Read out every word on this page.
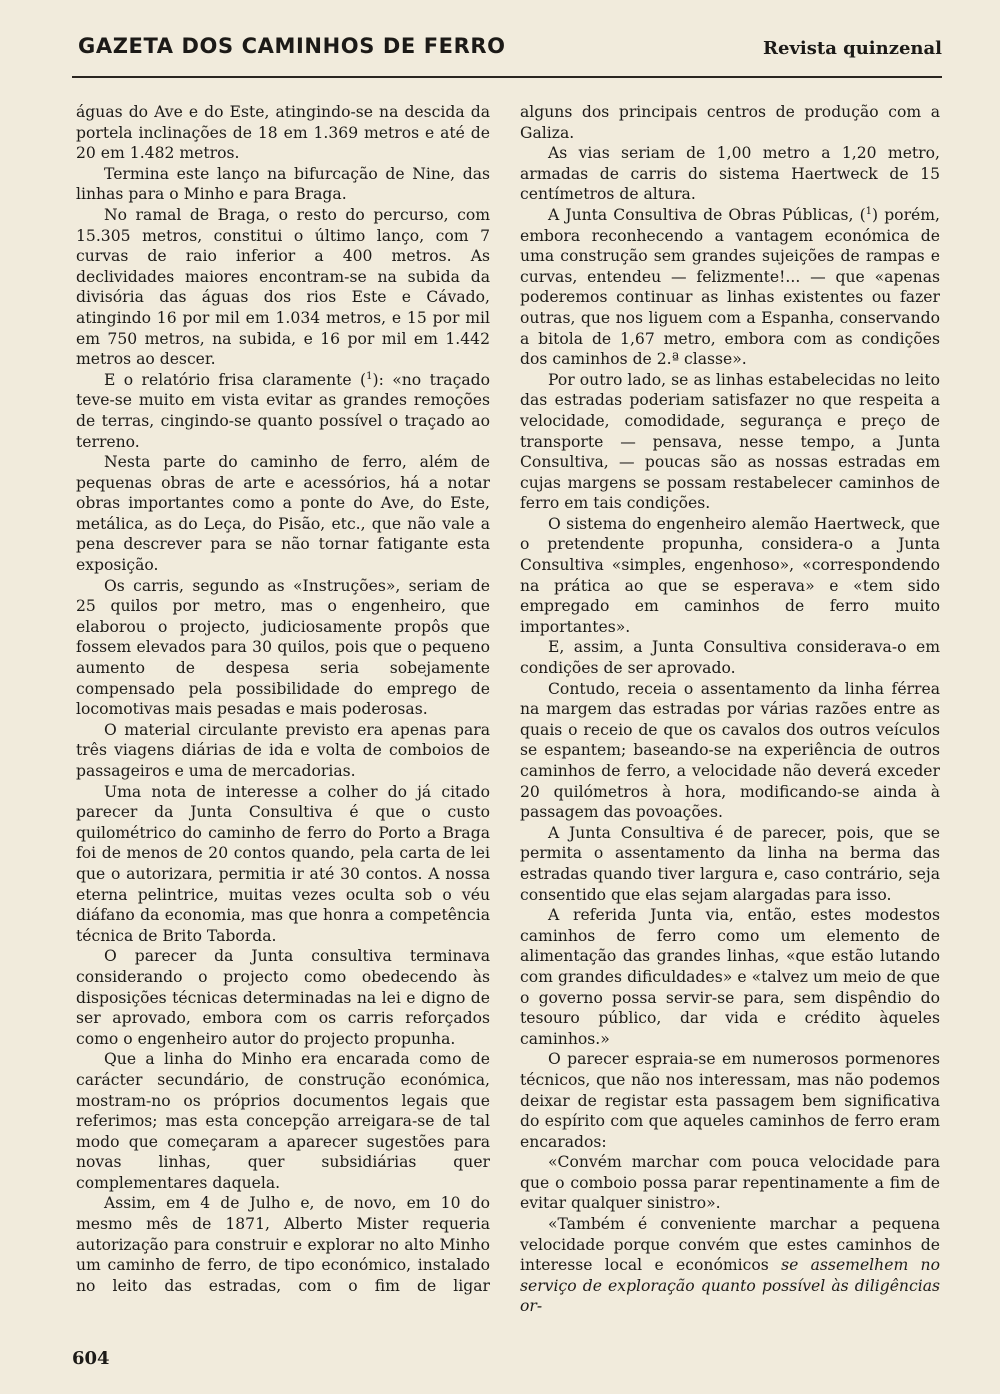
GAZETA DOS CAMINHOS DE FERRO	Revista quinzenal

águas do Ave e do Este, atingindo-se na descida da portela inclinações de 18 em 1.369 metros e até de 20 em 1.482 metros.

Termina este lanço na bifurcação de Nine, das linhas para o Minho e para Braga.

No ramal de Braga, o resto do percurso, com 15.305 metros, constitui o último lanço, com 7 curvas de raio inferior a 400 metros. As declividades maiores encontram-se na subida da divisória das águas dos rios Este e Cávado, atingindo 16 por mil em 1.034 metros, e 15 por mil em 750 metros, na subida, e 16 por mil em 1.442 metros ao descer.

E o relatório frisa claramente ($^1$): «no traçado teve-se muito em vista evitar as grandes remoções de terras, cingindo-se quanto possível o traçado ao terreno.

Nesta parte do caminho de ferro, além de pequenas obras de arte e acessórios, há a notar obras importantes como a ponte do Ave, do Este, metálica, as do Leça, do Pisão, etc., que não vale a pena descrever para se não tornar fatigante esta exposição.

Os carris, segundo as «Instruções», seriam de 25 quilos por metro, mas o engenheiro, que elaborou o projecto, judiciosamente propôs que fossem elevados para 30 quilos, pois que o pequeno aumento de despesa seria sobejamente compensado pela possibilidade do emprego de locomotivas mais pesadas e mais poderosas.

O material circulante previsto era apenas para três viagens diárias de ida e volta de comboios de passageiros e uma de mercadorias.

Uma nota de interesse a colher do já citado parecer da Junta Consultiva é que o custo quilométrico do caminho de ferro do Porto a Braga foi de menos de 20 contos quando, pela carta de lei que o autorizara, permitia ir até 30 contos. A nossa eterna pelintrice, muitas vezes oculta sob o véu diáfano da economia, mas que honra a competência técnica de Brito Taborda.

O parecer da Junta consultiva terminava considerando o projecto como obedecendo às disposições técnicas determinadas na lei e digno de ser aprovado, embora com os carris reforçados como o engenheiro autor do projecto propunha.

Que a linha do Minho era encarada como de carácter secundário, de construção económica, mostram-no os próprios documentos legais que referimos; mas esta concepção arreigara-se de tal modo que começaram a aparecer sugestões para novas linhas, quer subsidiárias quer complementares daquela.

Assim, em 4 de Julho e, de novo, em 10 do mesmo mês de 1871, Alberto Mister requeria autorização para construir e explorar no alto Minho um caminho de ferro, de tipo económico, instalado no leito das estradas, com o fim de ligar

alguns dos principais centros de produção com a Galiza.

As vias seriam de 1,00 metro a 1,20 metro, armadas de carris do sistema Haertweck de 15 centímetros de altura.

A Junta Consultiva de Obras Públicas, ($^1$) porém, embora reconhecendo a vantagem económica de uma construção sem grandes sujeições de rampas e curvas, entendeu — felizmente!... — que «apenas poderemos continuar as linhas existentes ou fazer outras, que nos liguem com a Espanha, conservando a bitola de 1,67 metro, embora com as condições dos caminhos de 2.ª classe».

Por outro lado, se as linhas estabelecidas no leito das estradas poderiam satisfazer no que respeita a velocidade, comodidade, segurança e preço de transporte — pensava, nesse tempo, a Junta Consultiva, — poucas são as nossas estradas em cujas margens se possam restabelecer caminhos de ferro em tais condições.

O sistema do engenheiro alemão Haertweck, que o pretendente propunha, considera-o a Junta Consultiva «simples, engenhoso», «correspondendo na prática ao que se esperava» e «tem sido empregado em caminhos de ferro muito importantes».

E, assim, a Junta Consultiva considerava-o em condições de ser aprovado.

Contudo, receia o assentamento da linha férrea na margem das estradas por várias razões entre as quais o receio de que os cavalos dos outros veículos se espantem; baseando-se na experiência de outros caminhos de ferro, a velocidade não deverá exceder 20 quilómetros à hora, modificando-se ainda à passagem das povoações.

A Junta Consultiva é de parecer, pois, que se permita o assentamento da linha na berma das estradas quando tiver largura e, caso contrário, seja consentido que elas sejam alargadas para isso.

A referida Junta via, então, estes modestos caminhos de ferro como um elemento de alimentação das grandes linhas, «que estão lutando com grandes dificuldades» e «talvez um meio de que o governo possa servir-se para, sem dispêndio do tesouro público, dar vida e crédito àqueles caminhos.»

O parecer espraia-se em numerosos pormenores técnicos, que não nos interessam, mas não podemos deixar de registar esta passagem bem significativa do espírito com que aqueles caminhos de ferro eram encarados:

«Convém marchar com pouca velocidade para que o comboio possa parar repentinamente a fim de evitar qualquer sinistro».

«Também é conveniente marchar a pequena velocidade porque convém que estes caminhos de interesse local e económicos se assemelhem no serviço de exploração quanto possível às diligências or-

604
